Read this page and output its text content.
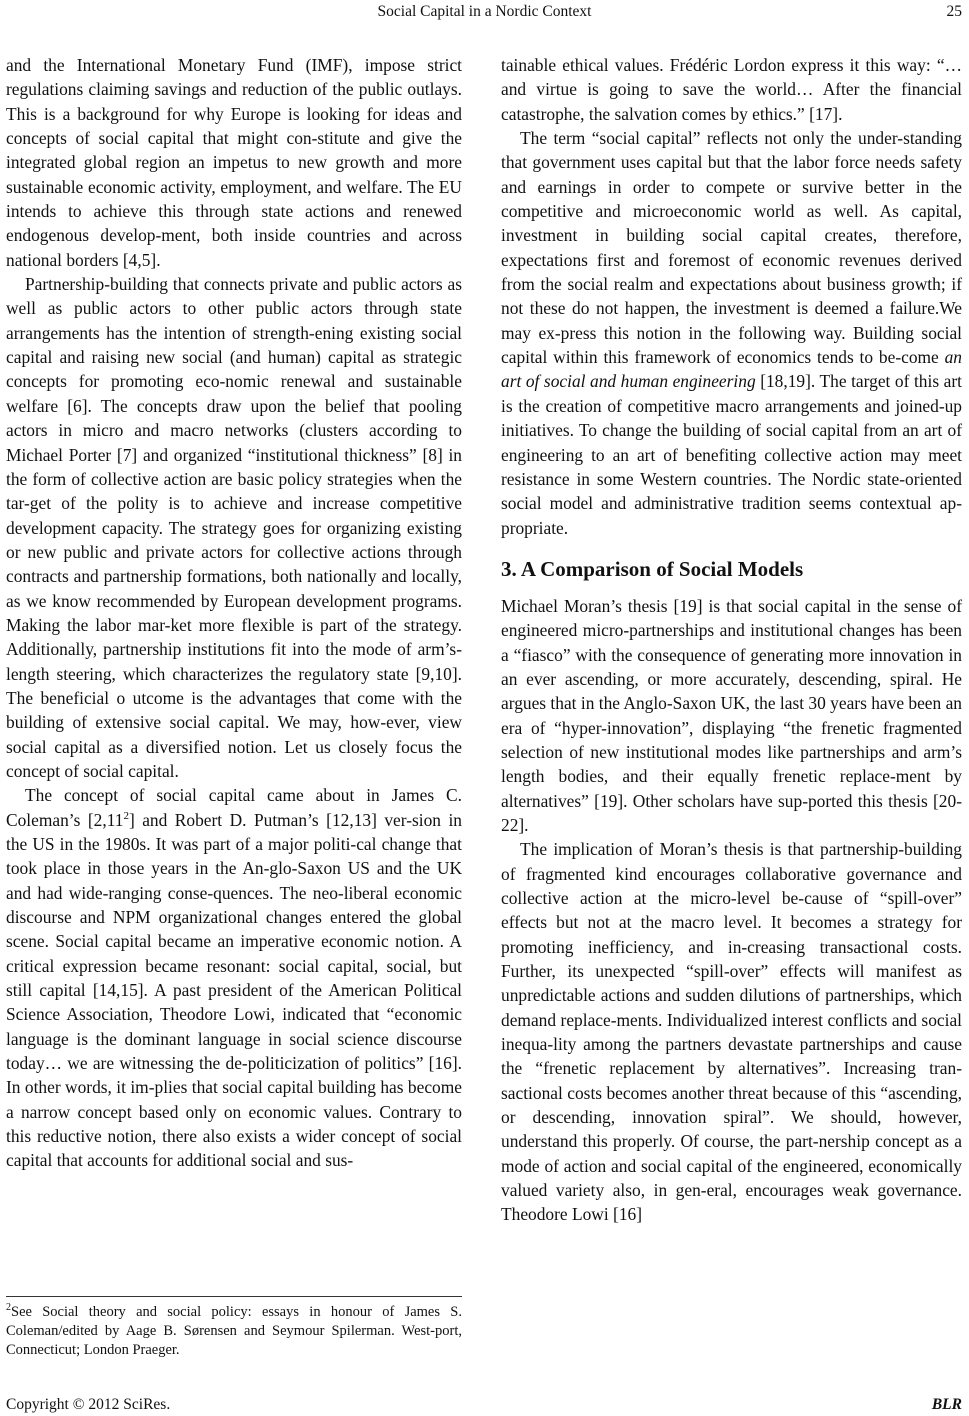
Social Capital in a Nordic Context	25

and the International Monetary Fund (IMF), impose strict regulations claiming savings and reduction of the public outlays. This is a background for why Europe is looking for ideas and concepts of social capital that might con-stitute and give the integrated global region an impetus to new growth and more sustainable economic activity, employment, and welfare. The EU intends to achieve this through state actions and renewed endogenous develop-ment, both inside countries and across national borders [4,5].

Partnership-building that connects private and public actors as well as public actors to other public actors through state arrangements has the intention of strength-ening existing social capital and raising new social (and human) capital as strategic concepts for promoting eco-nomic renewal and sustainable welfare [6]. The concepts draw upon the belief that pooling actors in micro and macro networks (clusters according to Michael Porter [7] and organized “institutional thickness” [8] in the form of collective action are basic policy strategies when the tar-get of the polity is to achieve and increase competitive development capacity. The strategy goes for organizing existing or new public and private actors for collective actions through contracts and partnership formations, both nationally and locally, as we know recommended by European development programs. Making the labor mar-ket more flexible is part of the strategy. Additionally, partnership institutions fit into the mode of arm’s-length steering, which characterizes the regulatory state [9,10]. The beneficial o utcome is the advantages that come with the building of extensive social capital. We may, how-ever, view social capital as a diversified notion. Let us closely focus the concept of social capital.

The concept of social capital came about in James C. Coleman’s [2,11$^2$] and Robert D. Putman’s [12,13] ver-sion in the US in the 1980s. It was part of a major politi-cal change that took place in those years in the An-glo-Saxon US and the UK and had wide-ranging conse-quences. The neo-liberal economic discourse and NPM organizational changes entered the global scene. Social capital became an imperative economic notion. A critical expression became resonant: social capital, social, but still capital [14,15]. A past president of the American Political Science Association, Theodore Lowi, indicated that “economic language is the dominant language in social science discourse today… we are witnessing the de-politicization of politics” [16]. In other words, it im-plies that social capital building has become a narrow concept based only on economic values. Contrary to this reductive notion, there also exists a wider concept of social capital that accounts for additional social and sus-

tainable ethical values. Frédéric Lordon express it this way: “…and virtue is going to save the world… After the financial catastrophe, the salvation comes by ethics.” [17].

The term “social capital” reflects not only the under-standing that government uses capital but that the labor force needs safety and earnings in order to compete or survive better in the competitive and microeconomic world as well. As capital, investment in building social capital creates, therefore, expectations first and foremost of economic revenues derived from the social realm and expectations about business growth; if not these do not happen, the investment is deemed a failure.We may ex-press this notion in the following way. Building social capital within this framework of economics tends to be-come an art of social and human engineering [18,19]. The target of this art is the creation of competitive macro arrangements and joined-up initiatives. To change the building of social capital from an art of engineering to an art of benefiting collective action may meet resistance in some Western countries. The Nordic state-oriented social model and administrative tradition seems contextual ap-propriate.

3. A Comparison of Social Models

Michael Moran’s thesis [19] is that social capital in the sense of engineered micro-partnerships and institutional changes has been a “fiasco” with the consequence of generating more innovation in an ever ascending, or more accurately, descending, spiral. He argues that in the Anglo-Saxon UK, the last 30 years have been an era of “hyper-innovation”, displaying “the frenetic fragmented selection of new institutional modes like partnerships and arm’s length bodies, and their equally frenetic replace-ment by alternatives” [19]. Other scholars have sup-ported this thesis [20-22].

The implication of Moran’s thesis is that partnership-building of fragmented kind encourages collaborative governance and collective action at the micro-level be-cause of “spill-over” effects but not at the macro level. It becomes a strategy for promoting inefficiency, and in-creasing transactional costs. Further, its unexpected “spill-over” effects will manifest as unpredictable actions and sudden dilutions of partnerships, which demand replace-ments. Individualized interest conflicts and social inequa-lity among the partners devastate partnerships and cause the “frenetic replacement by alternatives”. Increasing tran-sactional costs becomes another threat because of this “ascending, or descending, innovation spiral”. We should, however, understand this properly. Of course, the part-nership concept as a mode of action and social capital of the engineered, economically valued variety also, in gen-eral, encourages weak governance. Theodore Lowi [16]

$^2$See Social theory and social policy: essays in honour of James S. Coleman/edited by Aage B. Sørensen and Seymour Spilerman. West-port, Connecticut; London Praeger.
Copyright © 2012 SciRes.	BLR
